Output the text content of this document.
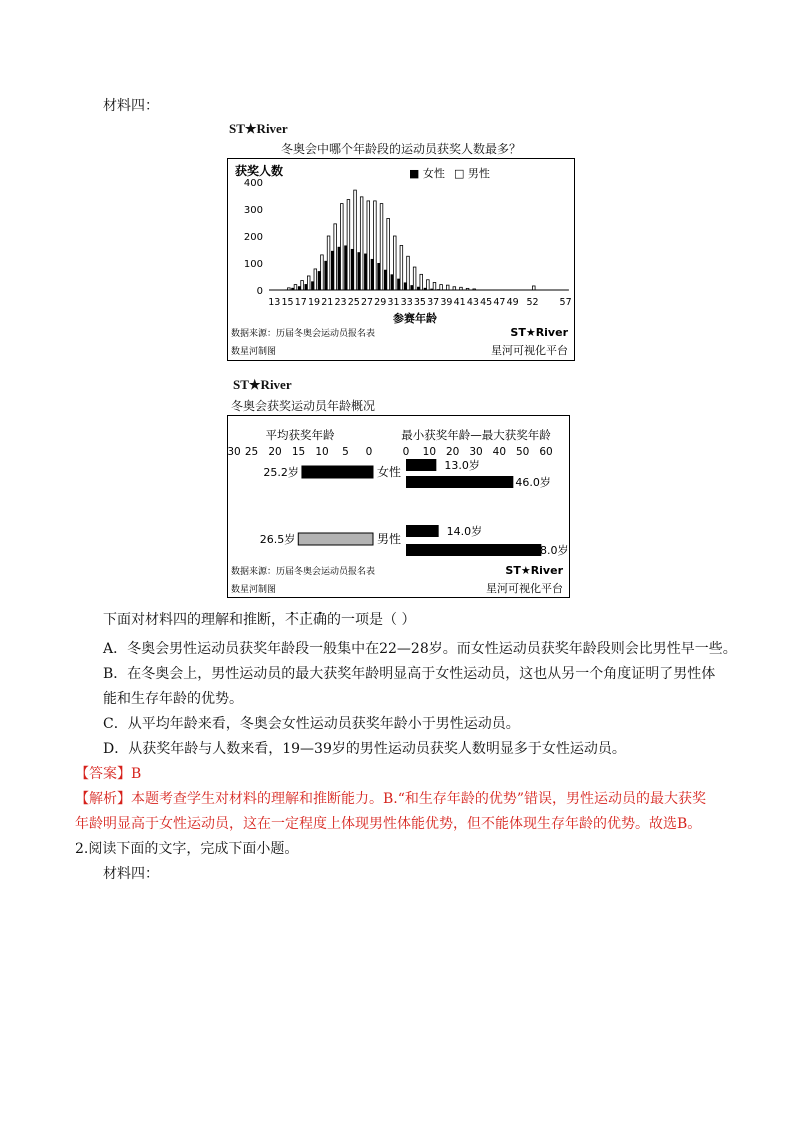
材料四：
ST★River
冬奥会中哪个年龄段的运动员获奖人数最多？
获奖人数
400
300
200
100
0
■ 女性 □ 男性
13 15 17 19 21 23 25 27 29 31 33 35 37 39 41 43 45 47 49 52 57
参赛年龄
数据来源：历届冬奥会运动员报名表
数星河制图
ST★River
星河可视化平台
ST★River
冬奥会获奖运动员年龄概况
平均获奖年龄	最小获奖年龄—最大获奖年龄
30 25 20 15 10 5 0	0 10 20 30 40 50 60
25.2岁	女性	13.0岁
46.0岁
26.5岁	男性
14.0岁
58.0岁
数据来源：历届冬奥会运动员报名表
数星河制图
ST★River
星河可视化平台
下面对材料四的理解和推断，不正确的一项是（ ）
A．冬奥会男性运动员获奖年龄段一般集中在22—28岁。而女性运动员获奖年龄段则会比男性早一些。
B．在冬奥会上，男性运动员的最大获奖年龄明显高于女性运动员，这也从另一个角度证明了男性体
能和生存年龄的优势。
C．从平均年龄来看，冬奥会女性运动员获奖年龄小于男性运动员。
D．从获奖年龄与人数来看，19—39岁的男性运动员获奖人数明显多于女性运动员。
【答案】B
【解析】本题考查学生对材料的理解和推断能力。B.“和生存年龄的优势”错误，男性运动员的最大获奖
年龄明显高于女性运动员，这在一定程度上体现男性体能优势，但不能体现生存年龄的优势。故选B。
2.阅读下面的文字，完成下面小题。
材料四：
